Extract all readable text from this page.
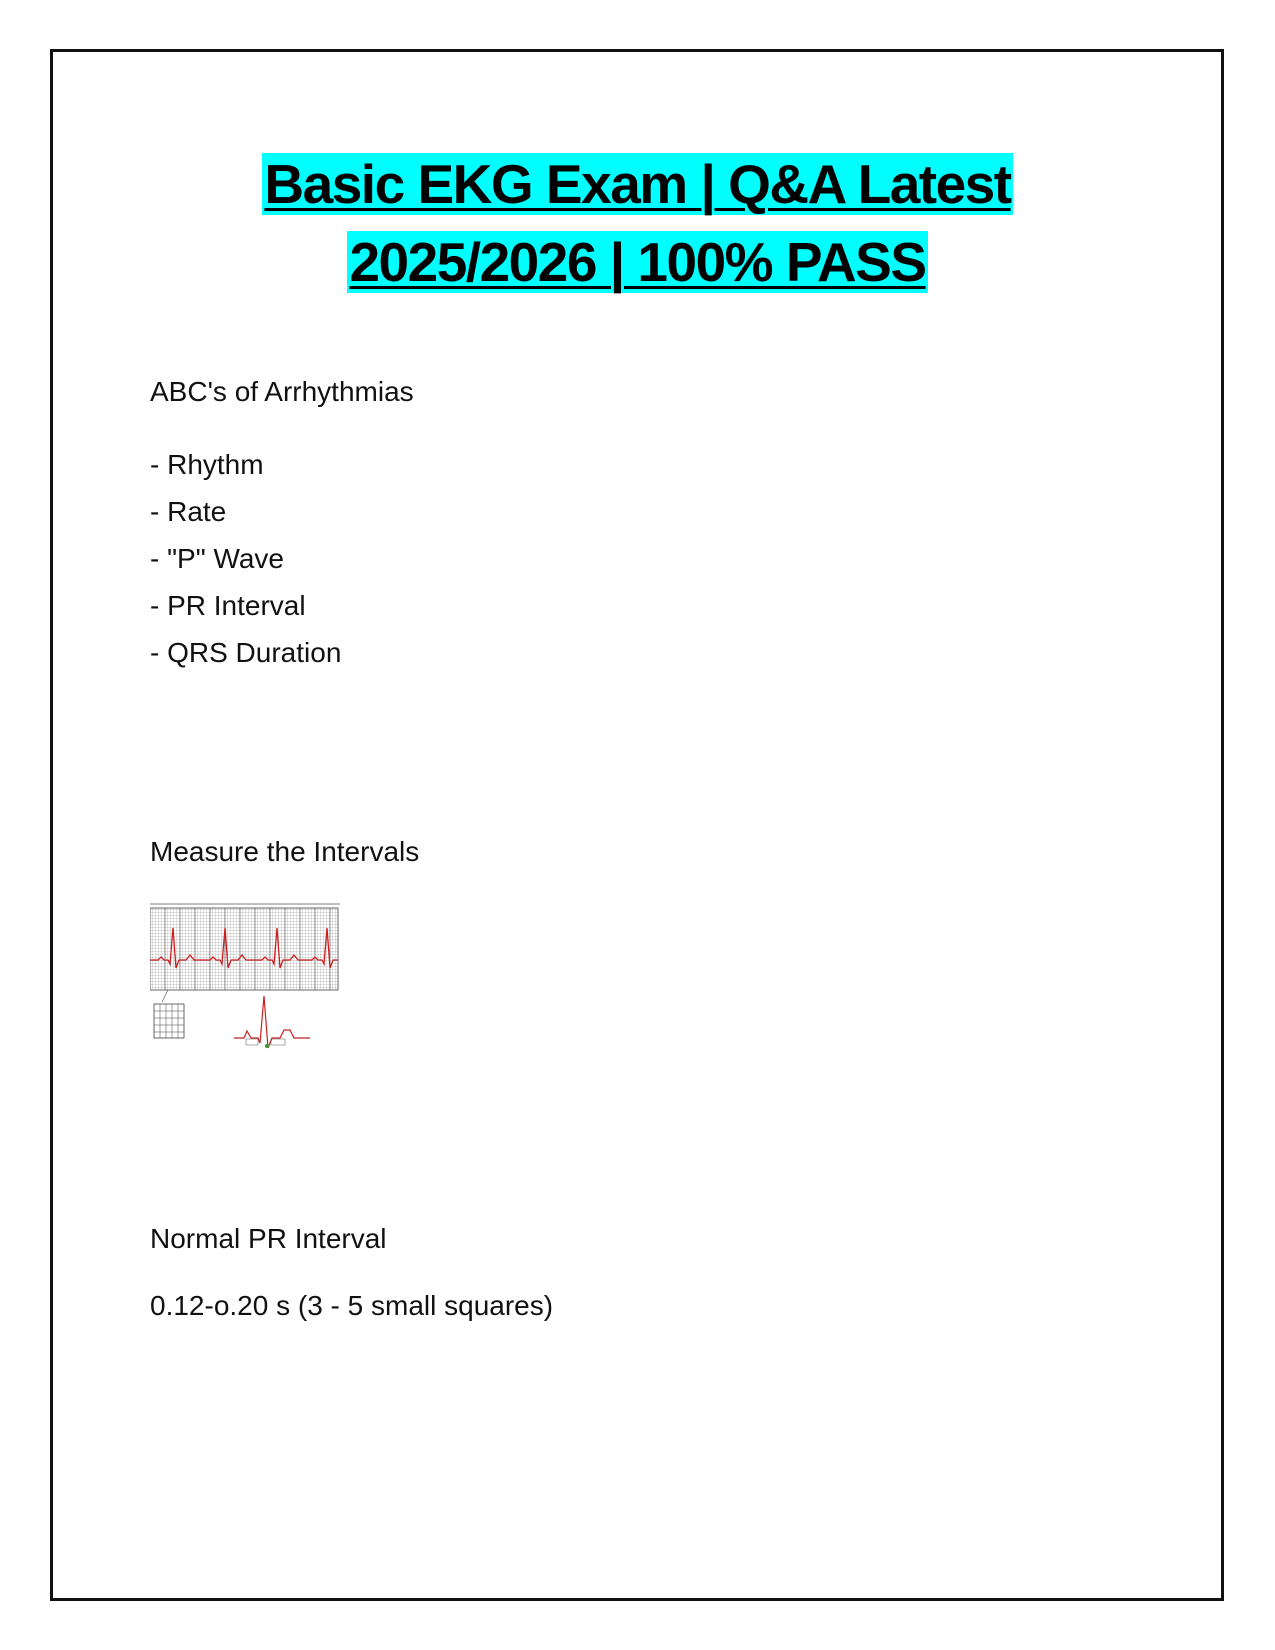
Basic EKG Exam | Q&A Latest
2025/2026 | 100% PASS
ABC's of Arrhythmias
- Rhythm
- Rate
- "P" Wave
- PR Interval
- QRS Duration
Measure the Intervals
Normal PR Interval
0.12-o.20 s (3 - 5 small squares)
